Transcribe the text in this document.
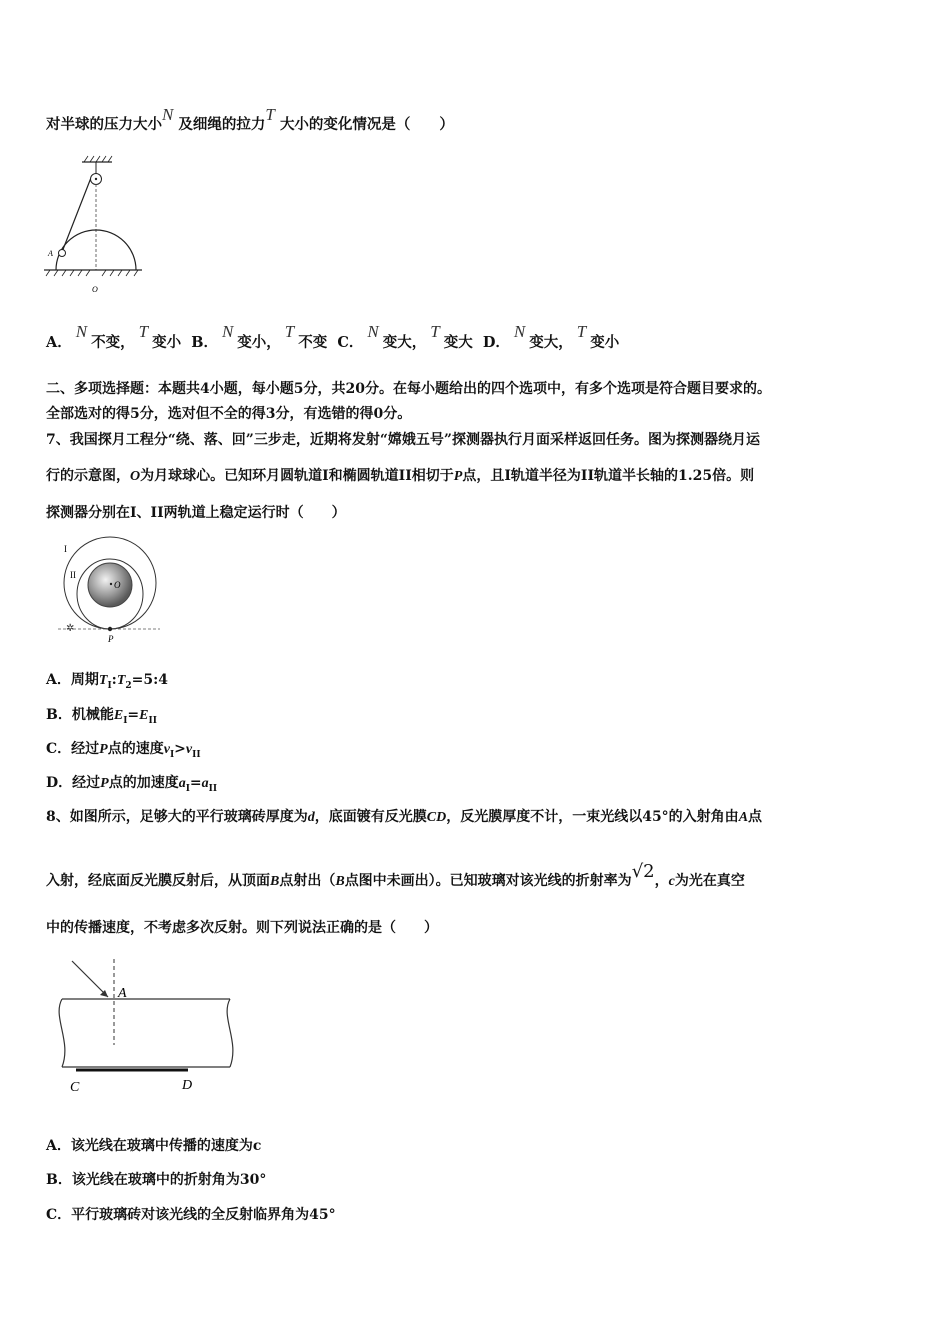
对半球的压力大小N 及细绳的拉力T 大小的变化情况是（　　）
A
O
A．N不变，T变小 B．N变小，T不变 C．N变大，T变大 D．N变大，T变小
二、多项选择题：本题共4小题，每小题5分，共20分。在每小题给出的四个选项中，有多个选项是符合题目要求的。
全部选对的得5分，选对但不全的得3分，有选错的得0分。
7、我国探月工程分“绕、落、回”三步走，近期将发射“嫦娥五号”探测器执行月面采样返回任务。图为探测器绕月运
行的示意图，O为月球球心。已知环月圆轨道I和椭圆轨道II相切于P点，且I轨道半径为II轨道半长轴的1.25倍。则
探测器分别在I、II两轨道上稳定运行时（　　）
✲
I
II
O
P
A．周期$T_I:T_2=5:4$
B．机械能$E_I=E_{II}$
C．经过P点的速度$v_I>v_{II}$
D．经过P点的加速度$a_I=a_{II}$
8、如图所示，足够大的平行玻璃砖厚度为d，底面镀有反光膜CD，反光膜厚度不计，一束光线以45°的入射角由A点
入射，经底面反光膜反射后，从顶面B点射出（B点图中未画出）。已知玻璃对该光线的折射率为√2，c为光在真空
中的传播速度，不考虑多次反射。则下列说法正确的是（　　）
A
C	D
A．该光线在玻璃中传播的速度为c
B．该光线在玻璃中的折射角为30°
C．平行玻璃砖对该光线的全反射临界角为45°
